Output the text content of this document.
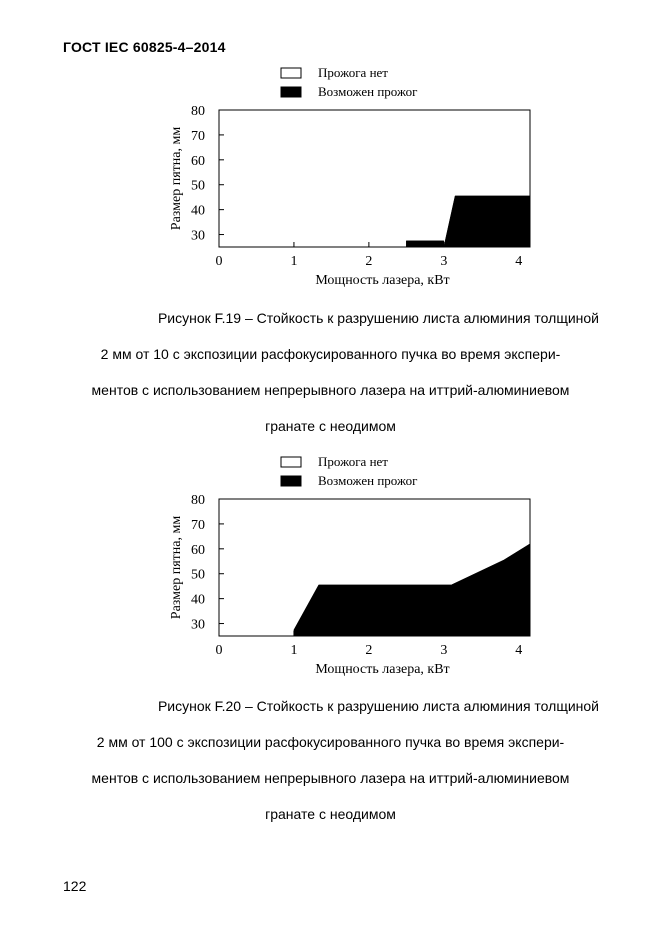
ГОСТ IEC 60825-4–2014
Прожога нет
Возможен прожог
30
40
50
60
70
80
0	1	2	3	4
Мощность лазера, кВт
Размер пятна, мм
Рисунок F.19 – Стойкость к разрушению листа алюминия толщиной
2 мм от 10 с экспозиции расфокусированного пучка во время экспери-
ментов с использованием непрерывного лазера на иттрий-алюминиевом
гранате с неодимом
Прожога нет
Возможен прожог
30
40
50
60
70
80
0	1	2	3	4
Мощность лазера, кВт
Размер пятна, мм
Рисунок F.20 – Стойкость к разрушению листа алюминия толщиной
2 мм от 100 с экспозиции расфокусированного пучка во время экспери-
ментов с использованием непрерывного лазера на иттрий-алюминиевом
гранате с неодимом
122
